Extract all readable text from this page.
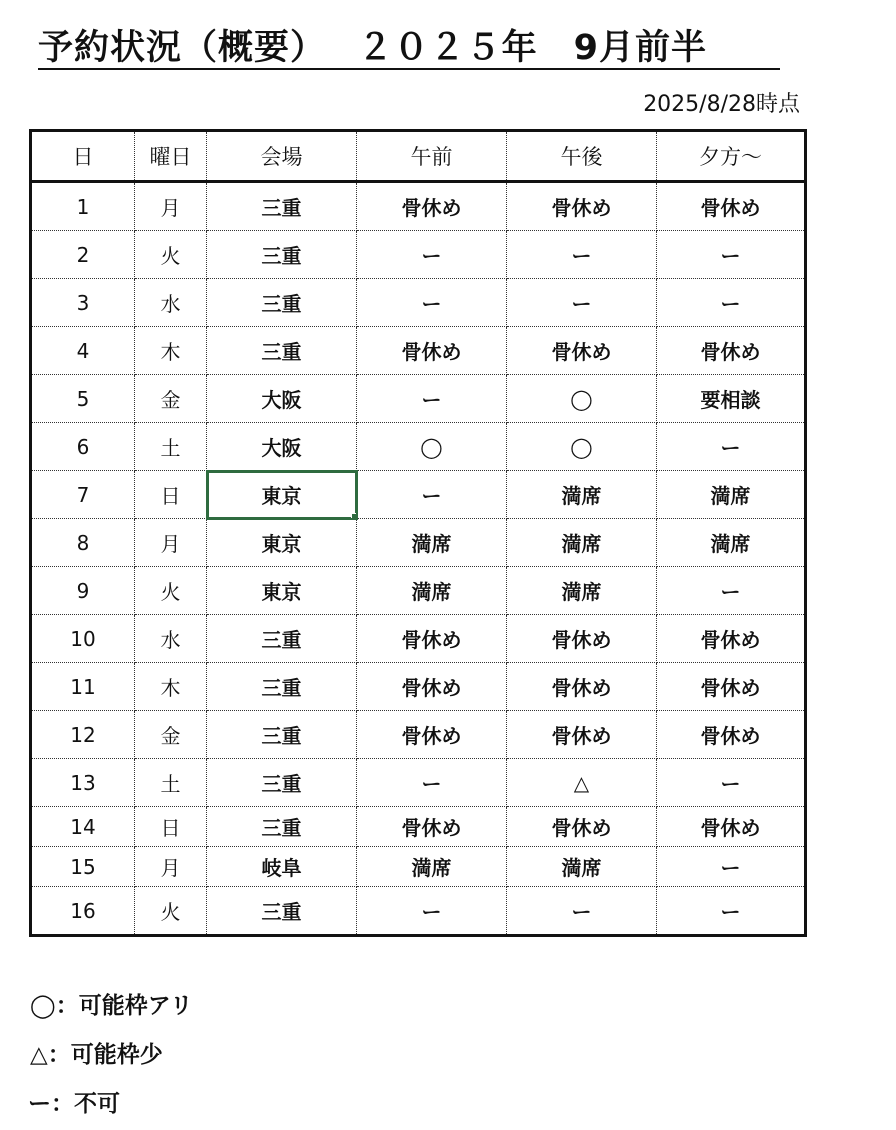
予約状況（概要）　 ２０２５年　9月前半
2025/8/28時点
日	曜日	会場	午前	午後	夕方～
1	月	三重	骨休め	骨休め	骨休め
2	火	三重	ー	ー	ー
3	水	三重	ー	ー	ー
4	木	三重	骨休め	骨休め	骨休め
5	金	大阪	ー	◯	要相談
6	土	大阪	◯	◯	ー
7	日	東京	ー	満席	満席
8	月	東京	満席	満席	満席
9	火	東京	満席	満席	ー
10	水	三重	骨休め	骨休め	骨休め
11	木	三重	骨休め	骨休め	骨休め
12	金	三重	骨休め	骨休め	骨休め
13	土	三重	ー	△	ー
14	日	三重	骨休め	骨休め	骨休め
15	月	岐阜	満席	満席	ー
16	火	三重	ー	ー	ー
◯：可能枠アリ
△：可能枠少
ー：不可
